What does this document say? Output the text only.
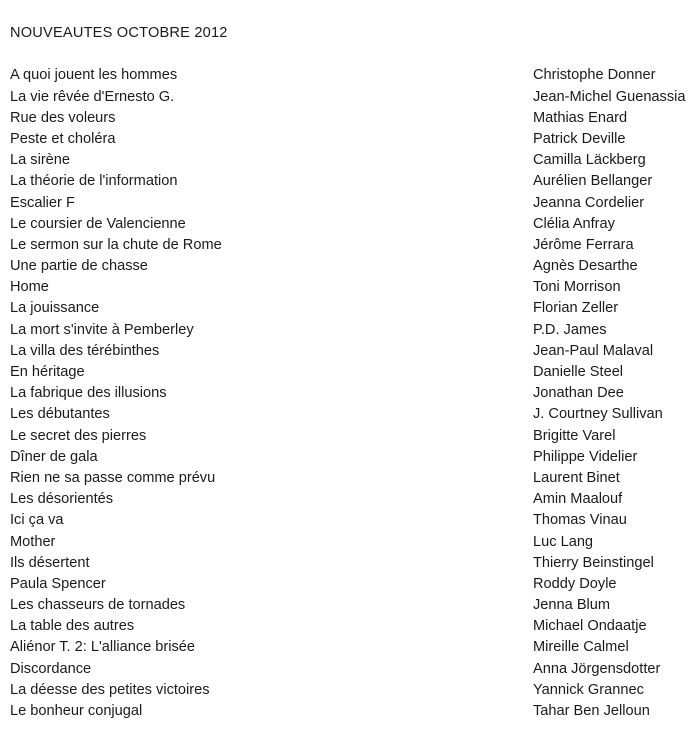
NOUVEAUTES OCTOBRE 2012
A quoi jouent les hommes	Christophe Donner
La vie rêvée d'Ernesto G.	Jean-Michel Guenassia
Rue des voleurs	Mathias Enard
Peste et choléra	Patrick Deville
La sirène	Camilla Läckberg
La théorie de l'information	Aurélien Bellanger
Escalier F	Jeanna Cordelier
Le coursier de Valencienne	Clélia Anfray
Le sermon sur la chute de Rome	Jérôme Ferrara
Une partie de chasse	Agnès Desarthe
Home	Toni Morrison
La jouissance	Florian Zeller
La mort s'invite à Pemberley	P.D. James
La villa des térébinthes	Jean-Paul Malaval
En héritage	Danielle Steel
La fabrique des illusions	Jonathan Dee
Les débutantes	J. Courtney Sullivan
Le secret des pierres	Brigitte Varel
Dîner de gala	Philippe Videlier
Rien ne sa passe comme prévu	Laurent Binet
Les désorientés	Amin Maalouf
Ici ça va	Thomas Vinau
Mother	Luc Lang
Ils désertent	Thierry Beinstingel
Paula Spencer	Roddy Doyle
Les chasseurs de tornades	Jenna Blum
La table des autres	Michael Ondaatje
Aliénor T. 2: L'alliance brisée	Mireille Calmel
Discordance	Anna Jörgensdotter
La déesse des petites victoires	Yannick Grannec
Le bonheur conjugal	Tahar Ben Jelloun
